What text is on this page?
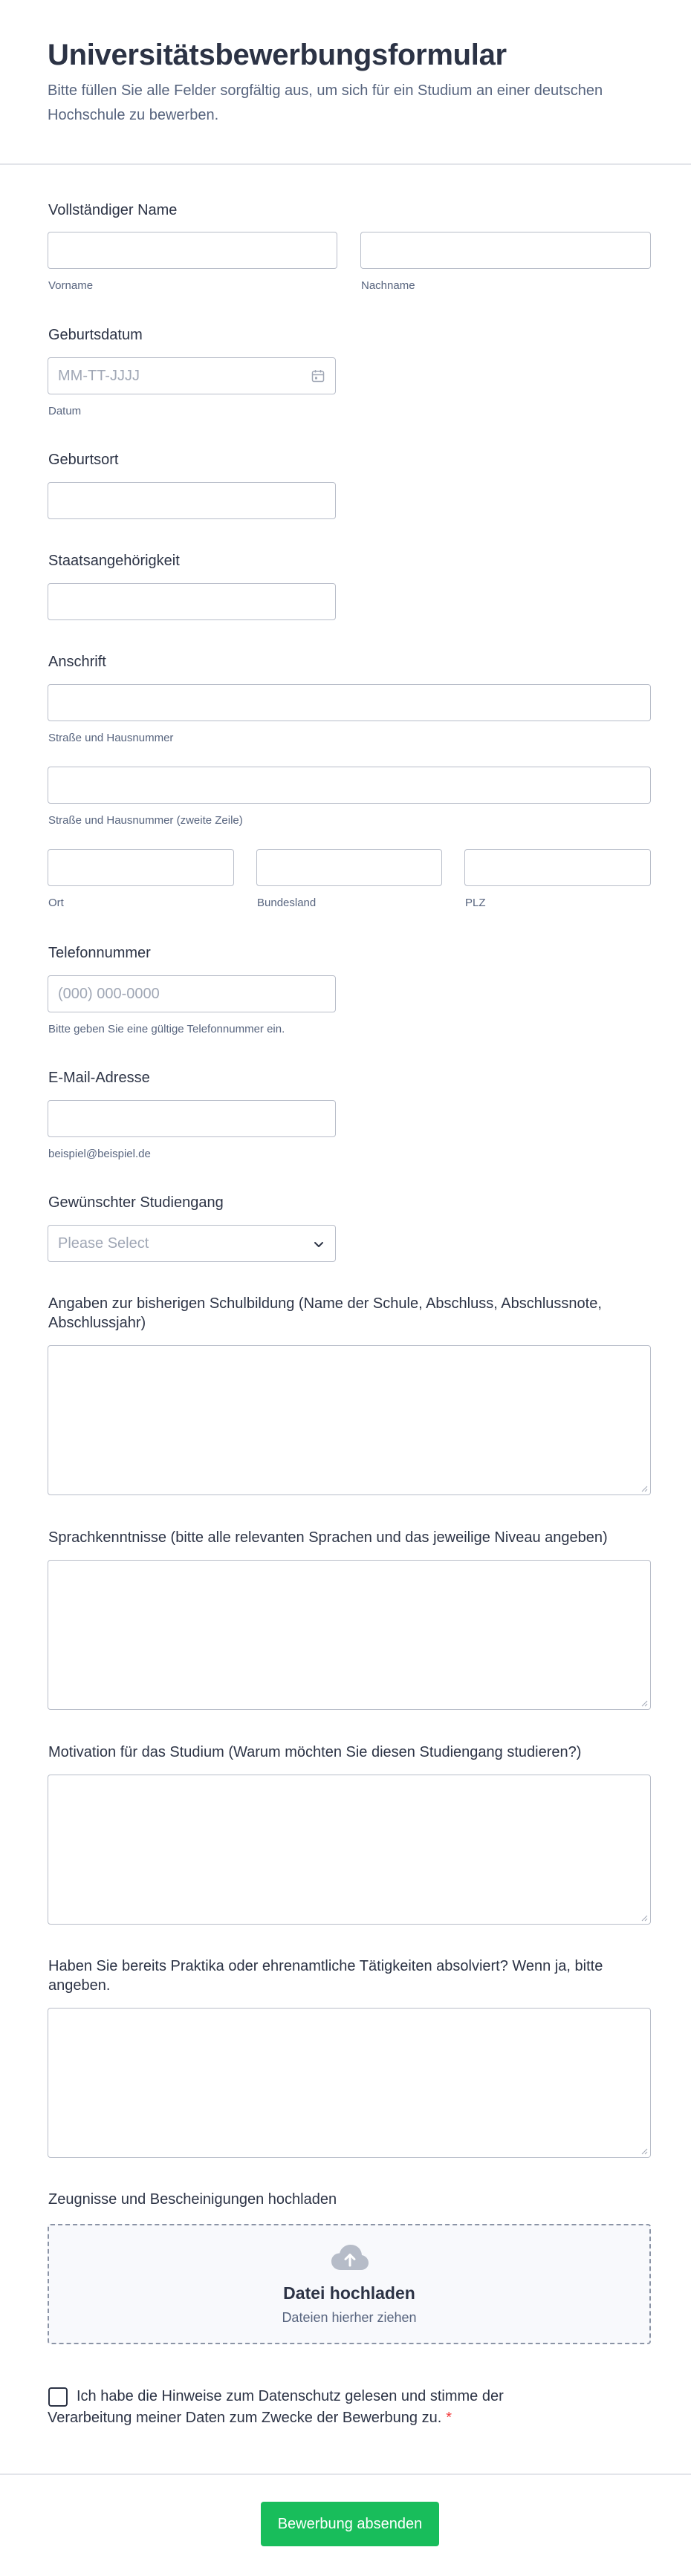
Universitätsbewerbungsformular

Bitte füllen Sie alle Felder sorgfältig aus, um sich für ein Studium an einer deutschen Hochschule zu bewerben.

Vollständiger Name
Vorname	Nachname
Geburtsdatum
MM-TT-JJJJ
Datum
Geburtsort
Staatsangehörigkeit
Anschrift
Straße und Hausnummer
Straße und Hausnummer (zweite Zeile)
Ort	Bundesland	PLZ
Telefonnummer
(000) 000-0000
Bitte geben Sie eine gültige Telefonnummer ein.
E-Mail-Adresse
beispiel@beispiel.de
Gewünschter Studiengang
Please Select
Angaben zur bisherigen Schulbildung (Name der Schule, Abschluss, Abschlussnote, Abschlussjahr)
Sprachkenntnisse (bitte alle relevanten Sprachen und das jeweilige Niveau angeben)
Motivation für das Studium (Warum möchten Sie diesen Studiengang studieren?)
Haben Sie bereits Praktika oder ehrenamtliche Tätigkeiten absolviert? Wenn ja, bitte angeben.
Zeugnisse und Bescheinigungen hochladen
Datei hochladen
Dateien hierher ziehen
Ich habe die Hinweise zum Datenschutz gelesen und stimme der Verarbeitung meiner Daten zum Zwecke der Bewerbung zu. *
Bewerbung absenden
